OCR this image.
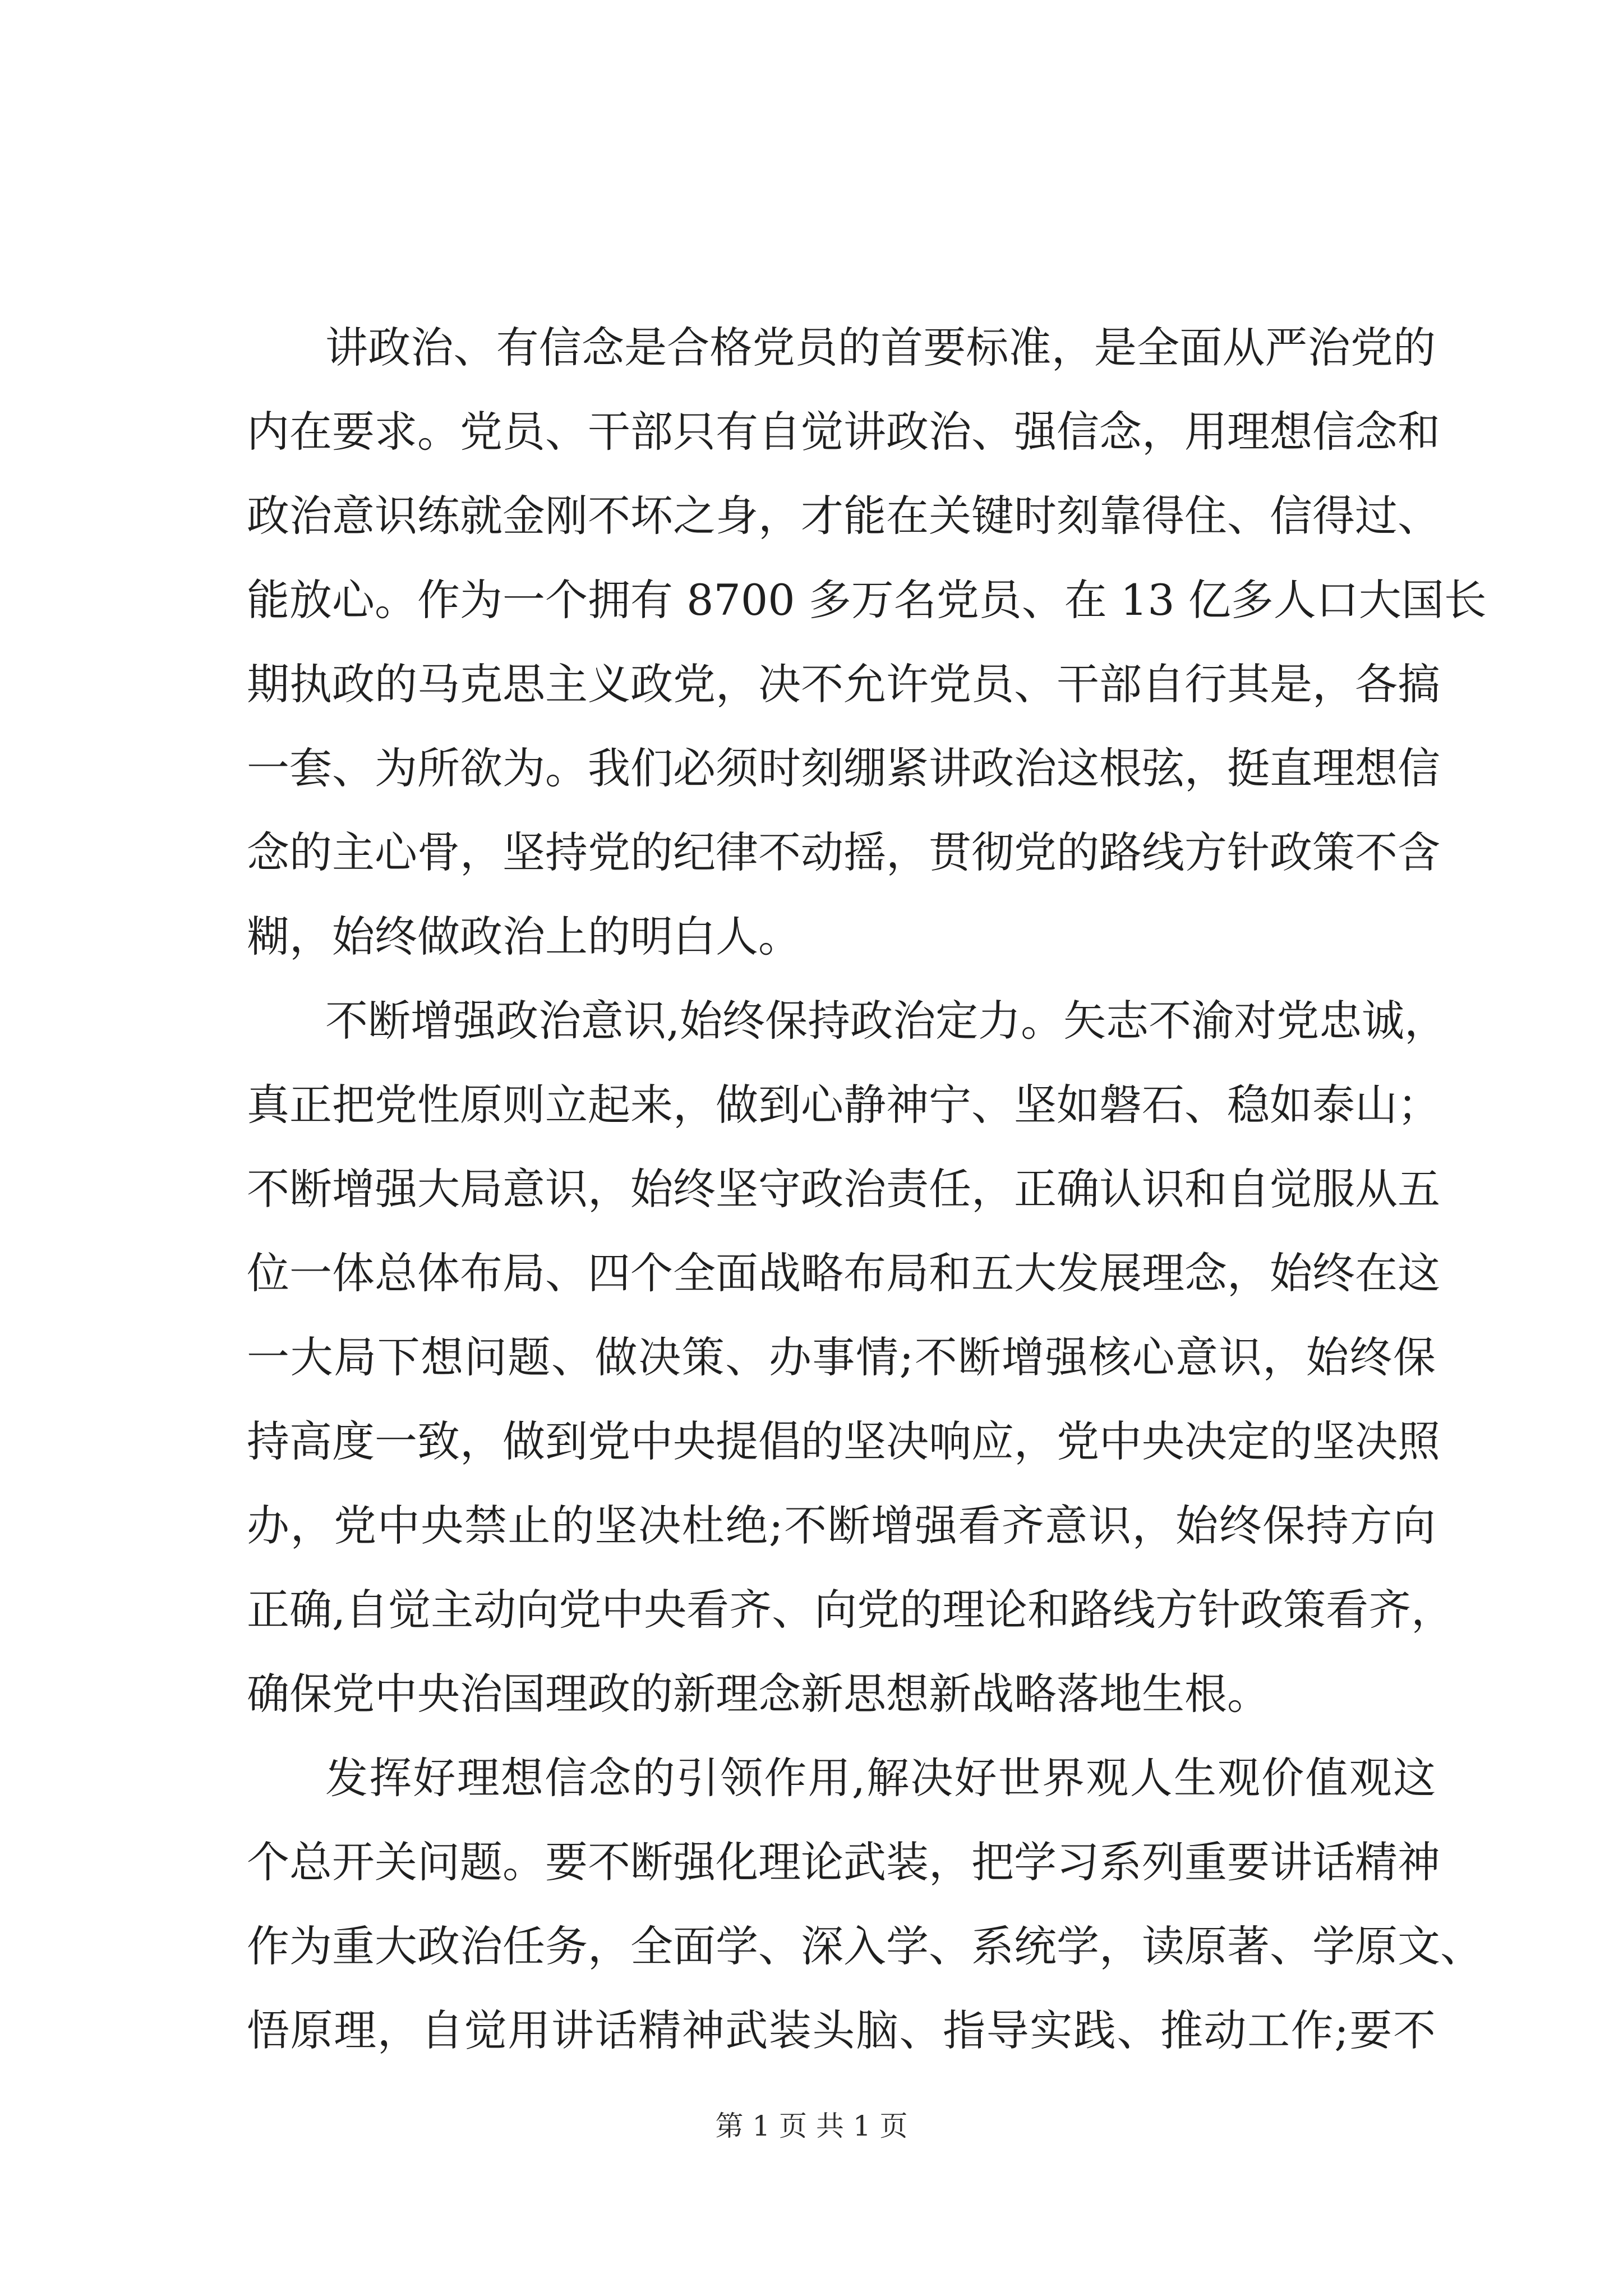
讲政治、有信念是合格党员的首要标准，是全面从严治党的
内在要求。党员、干部只有自觉讲政治、强信念，用理想信念和
政治意识练就金刚不坏之身，才能在关键时刻靠得住、信得过、
能放心。作为一个拥有 8700 多万名党员、在 13 亿多人口大国长
期执政的马克思主义政党，决不允许党员、干部自行其是，各搞
一套、为所欲为。我们必须时刻绷紧讲政治这根弦，挺直理想信
念的主心骨，坚持党的纪律不动摇，贯彻党的路线方针政策不含
糊，始终做政治上的明白人。
不断增强政治意识,始终保持政治定力。矢志不渝对党忠诚，
真正把党性原则立起来，做到心静神宁、坚如磐石、稳如泰山；
不断增强大局意识，始终坚守政治责任，正确认识和自觉服从五
位一体总体布局、四个全面战略布局和五大发展理念，始终在这
一大局下想问题、做决策、办事情;不断增强核心意识，始终保
持高度一致，做到党中央提倡的坚决响应，党中央决定的坚决照
办，党中央禁止的坚决杜绝;不断增强看齐意识，始终保持方向
正确,自觉主动向党中央看齐、向党的理论和路线方针政策看齐，
确保党中央治国理政的新理念新思想新战略落地生根。
发挥好理想信念的引领作用,解决好世界观人生观价值观这
个总开关问题。要不断强化理论武装，把学习系列重要讲话精神
作为重大政治任务，全面学、深入学、系统学，读原著、学原文、
悟原理，自觉用讲话精神武装头脑、指导实践、推动工作;要不
第 1 页 共 1 页
